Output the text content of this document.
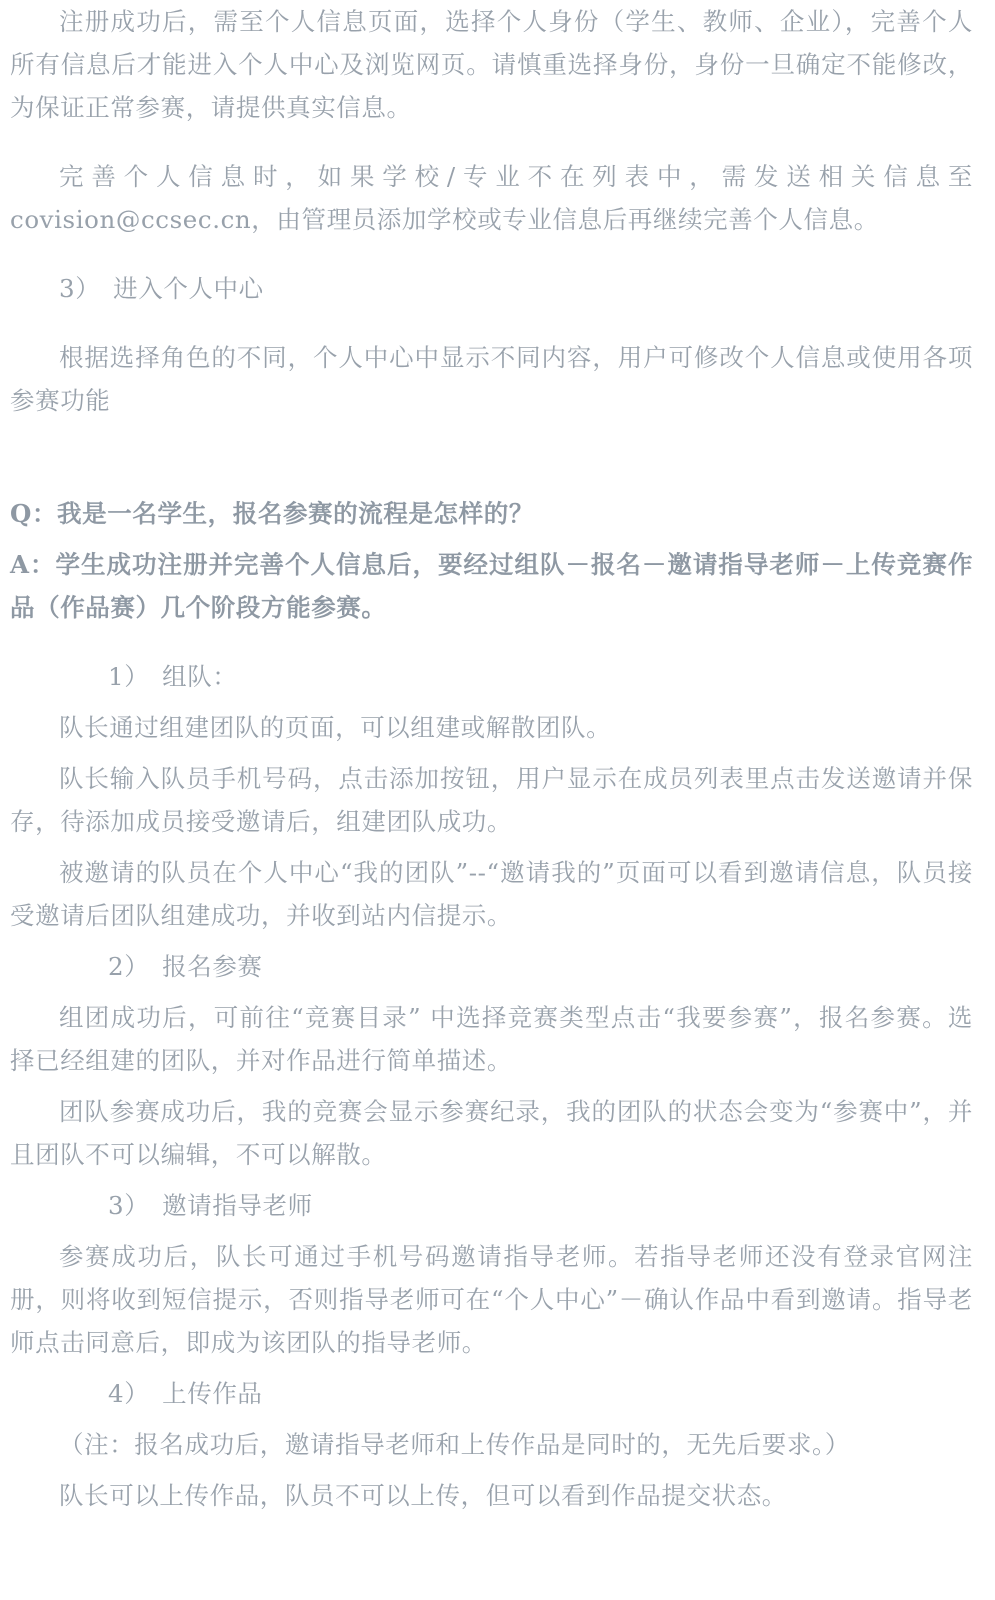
注册成功后，需至个人信息页面，选择个人身份（学生、教师、企业），完善个人所有信息后才能进入个人中心及浏览网页。请慎重选择身份，身份一旦确定不能修改，为保证正常参赛，请提供真实信息。

完善个人信息时，如果学校/专业不在列表中，需发送相关信息至 covision@ccsec.cn，由管理员添加学校或专业信息后再继续完善个人信息。

3）　进入个人中心

根据选择角色的不同，个人中心中显示不同内容，用户可修改个人信息或使用各项参赛功能

Q：我是一名学生，报名参赛的流程是怎样的？

A：学生成功注册并完善个人信息后，要经过组队－报名－邀请指导老师－上传竞赛作品（作品赛）几个阶段方能参赛。

1）　组队：

队长通过组建团队的页面，可以组建或解散团队。

队长输入队员手机号码，点击添加按钮，用户显示在成员列表里点击发送邀请并保存，待添加成员接受邀请后，组建团队成功。

被邀请的队员在个人中心“我的团队”--“邀请我的”页面可以看到邀请信息，队员接受邀请后团队组建成功，并收到站内信提示。

2）　报名参赛

组团成功后，可前往“竞赛目录” 中选择竞赛类型点击“我要参赛”，报名参赛。选择已经组建的团队，并对作品进行简单描述。

团队参赛成功后，我的竞赛会显示参赛纪录，我的团队的状态会变为“参赛中”，并且团队不可以编辑，不可以解散。

3）　邀请指导老师

参赛成功后，队长可通过手机号码邀请指导老师。若指导老师还没有登录官网注册，则将收到短信提示，否则指导老师可在“个人中心”－确认作品中看到邀请。指导老师点击同意后，即成为该团队的指导老师。

4）　上传作品

（注：报名成功后，邀请指导老师和上传作品是同时的，无先后要求。）

队长可以上传作品，队员不可以上传，但可以看到作品提交状态。
